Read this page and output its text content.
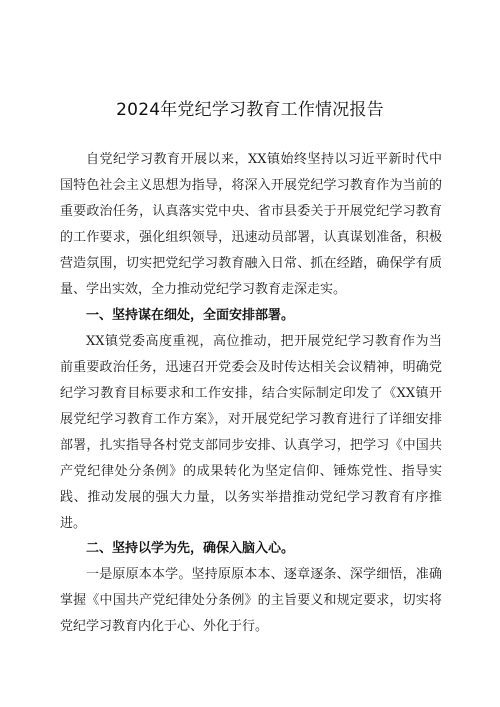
2024年党纪学习教育工作情况报告

自党纪学习教育开展以来，XX镇始终坚持以习近平新时代中国特色社会主义思想为指导，将深入开展党纪学习教育作为当前的重要政治任务，认真落实党中央、省市县委关于开展党纪学习教育的工作要求，强化组织领导，迅速动员部署，认真谋划准备，积极营造氛围，切实把党纪学习教育融入日常、抓在经踏，确保学有质量、学出实效，全力推动党纪学习教育走深走实。

一、坚持谋在细处，全面安排部署。

XX镇党委高度重视，高位推动，把开展党纪学习教育作为当前重要政治任务，迅速召开党委会及时传达相关会议精神，明确党纪学习教育目标要求和工作安排，结合实际制定印发了《XX镇开展党纪学习教育工作方案》，对开展党纪学习教育进行了详细安排部署，扎实指导各村党支部同步安排、认真学习，把学习《中国共产党纪律处分条例》的成果转化为坚定信仰、锤炼党性、指导实践、推动发展的强大力量，以务实举措推动党纪学习教育有序推进。

二、坚持以学为先，确保入脑入心。

一是原原本本学。坚持原原本本、逐章逐条、深学细悟，准确掌握《中国共产党纪律处分条例》的主旨要义和规定要求，切实将党纪学习教育内化于心、外化于行。
